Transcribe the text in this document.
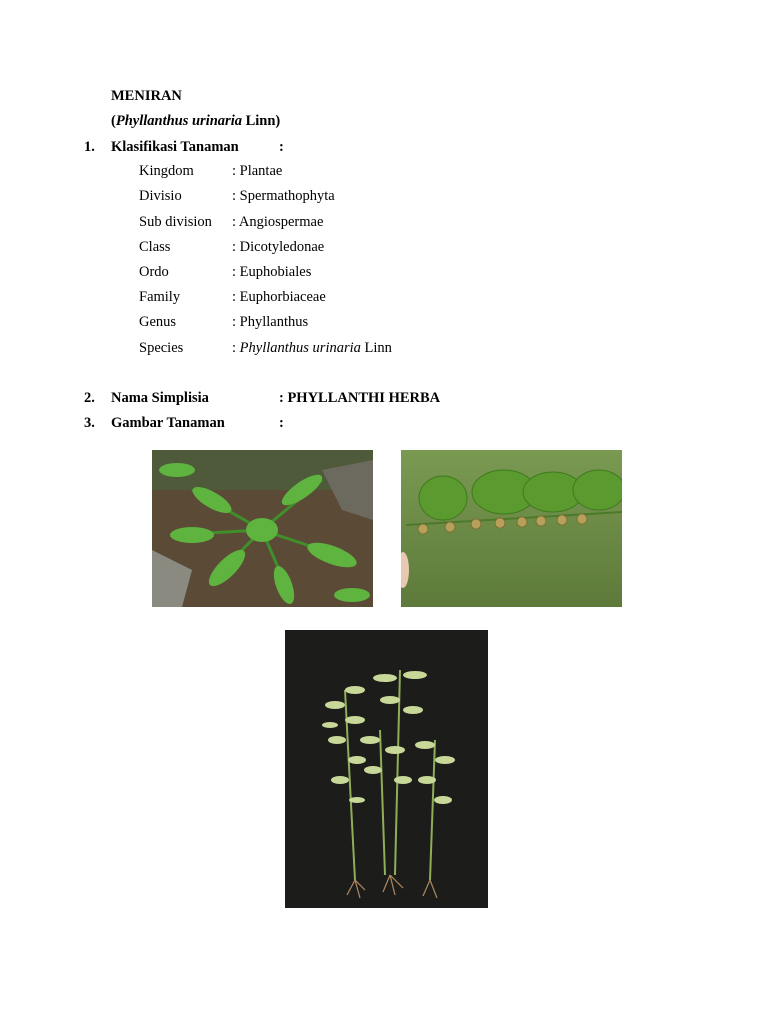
MENIRAN
(Phyllanthus urinaria Linn)
1. Klasifikasi Tanaman	:
Kingdom	: Plantae
Divisio	: Spermathophyta
Sub division : Angiospermae
Class	: Dicotyledonae
Ordo	: Euphobiales
Family	: Euphorbiaceae
Genus	: Phyllanthus
Species	: Phyllanthus urinaria Linn
2. Nama Simplisia	: PHYLLANTHI HERBA
3. Gambar Tanaman	:
